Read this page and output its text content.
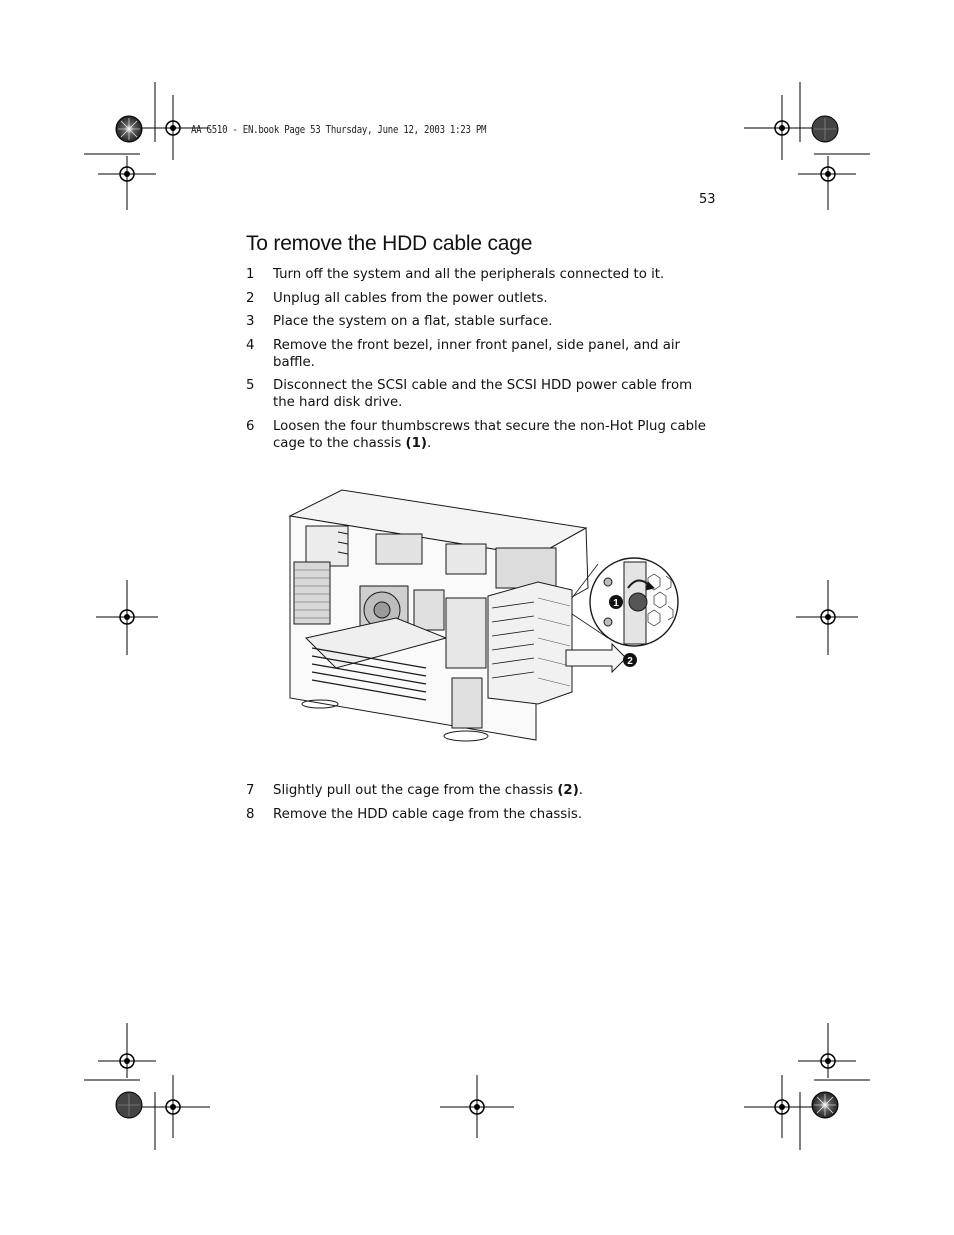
AA G510 - EN.book Page 53 Thursday, June 12, 2003 1:23 PM
53
To remove the HDD cable cage
1 Turn off the system and all the peripherals connected to it.
2 Unplug all cables from the power outlets.
3 Place the system on a flat, stable surface.
4 Remove the front bezel, inner front panel, side panel, and air baffle.
5 Disconnect the SCSI cable and the SCSI HDD power cable from the hard disk drive.
6 Loosen the four thumbscrews that secure the non-Hot Plug cable cage to the chassis (1).
1
2
7 Slightly pull out the cage from the chassis (2).
8 Remove the HDD cable cage from the chassis.
